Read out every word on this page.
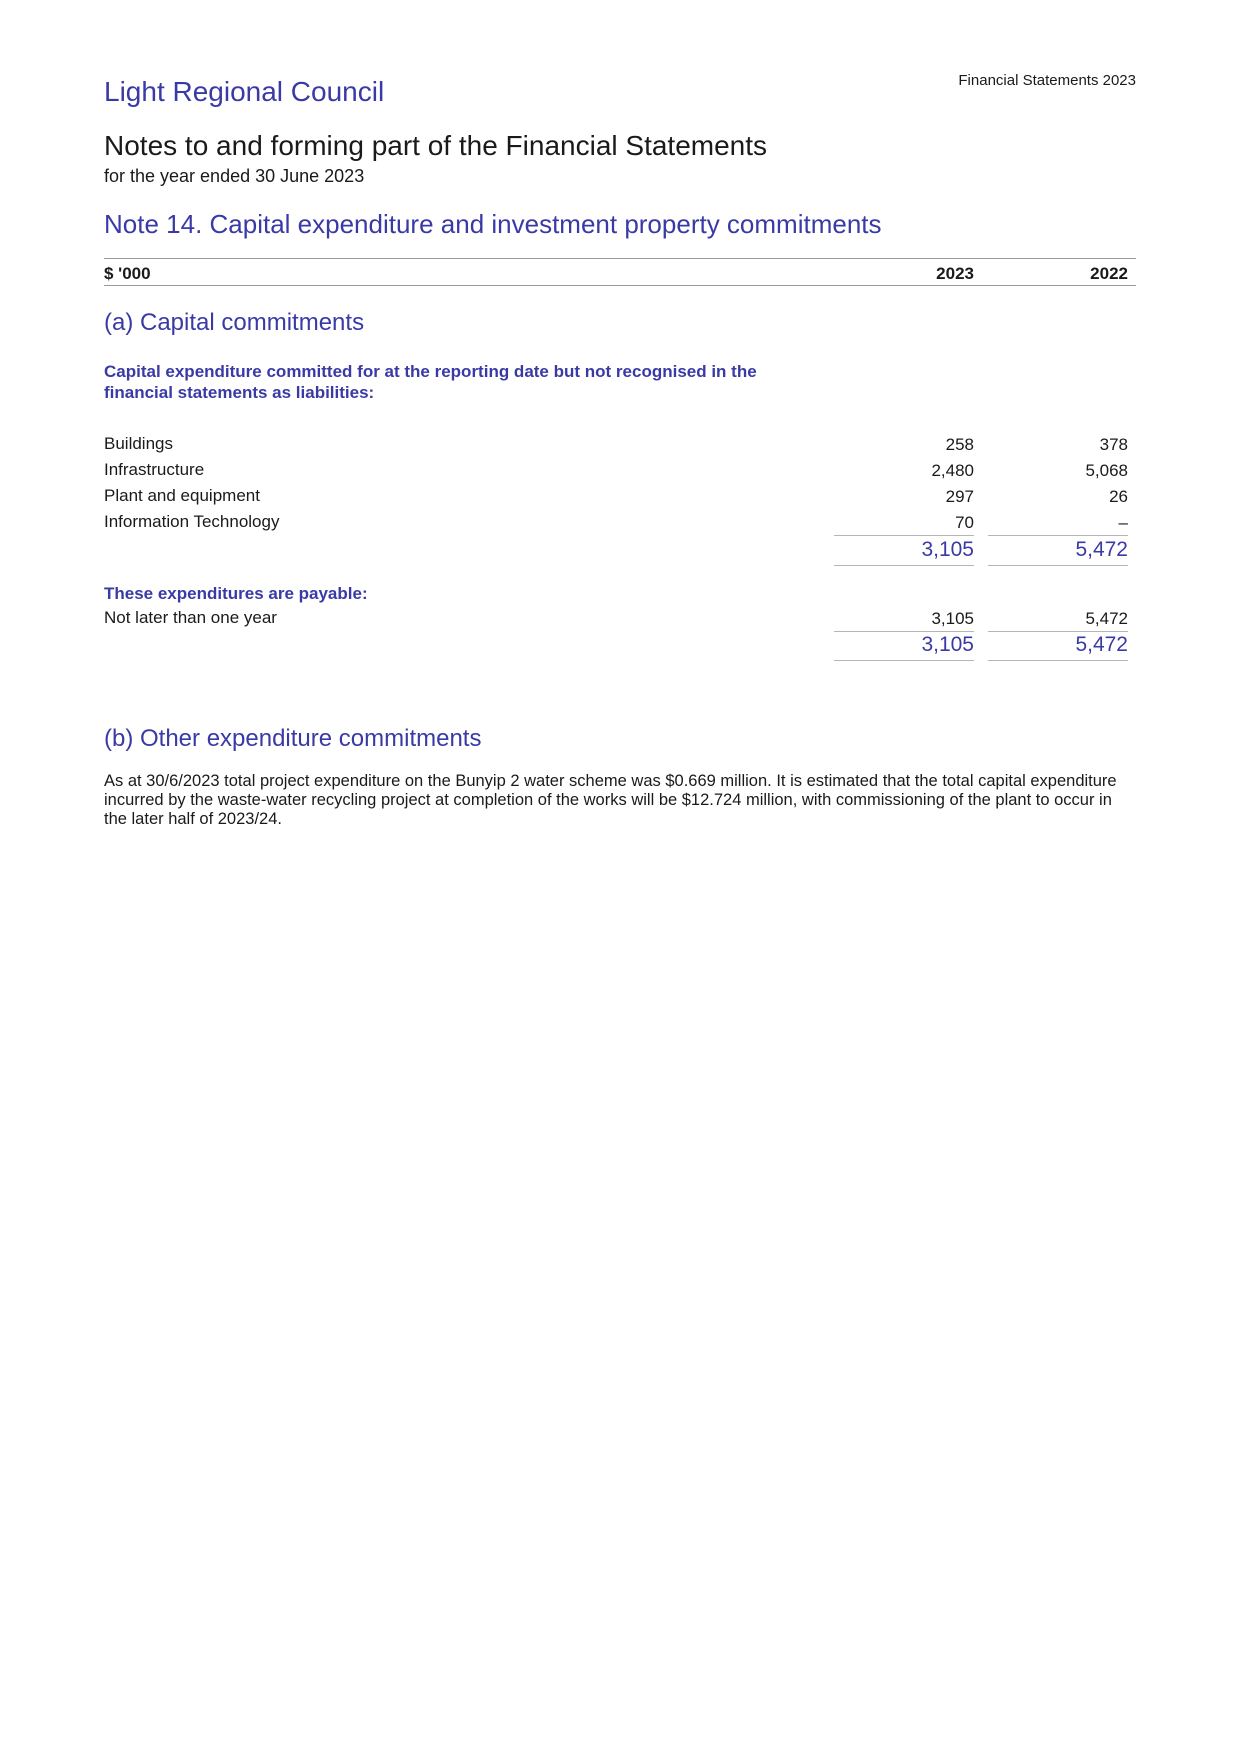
Light Regional Council	Financial Statements 2023
Notes to and forming part of the Financial Statements
for the year ended 30 June 2023
Note 14. Capital expenditure and investment property commitments
$ '000	2023	2022
(a) Capital commitments
Capital expenditure committed for at the reporting date but not recognised in the financial statements as liabilities:
Buildings	258	378
Infrastructure	2,480	5,068
Plant and equipment	297	26
Information Technology	70	–
3,105	5,472
These expenditures are payable:
Not later than one year	3,105	5,472
3,105	5,472
(b) Other expenditure commitments
As at 30/6/2023 total project expenditure on the Bunyip 2 water scheme was $0.669 million. It is estimated that the total capital expenditure incurred by the waste-water recycling project at completion of the works will be $12.724 million, with commissioning of the plant to occur in the later half of 2023/24.
